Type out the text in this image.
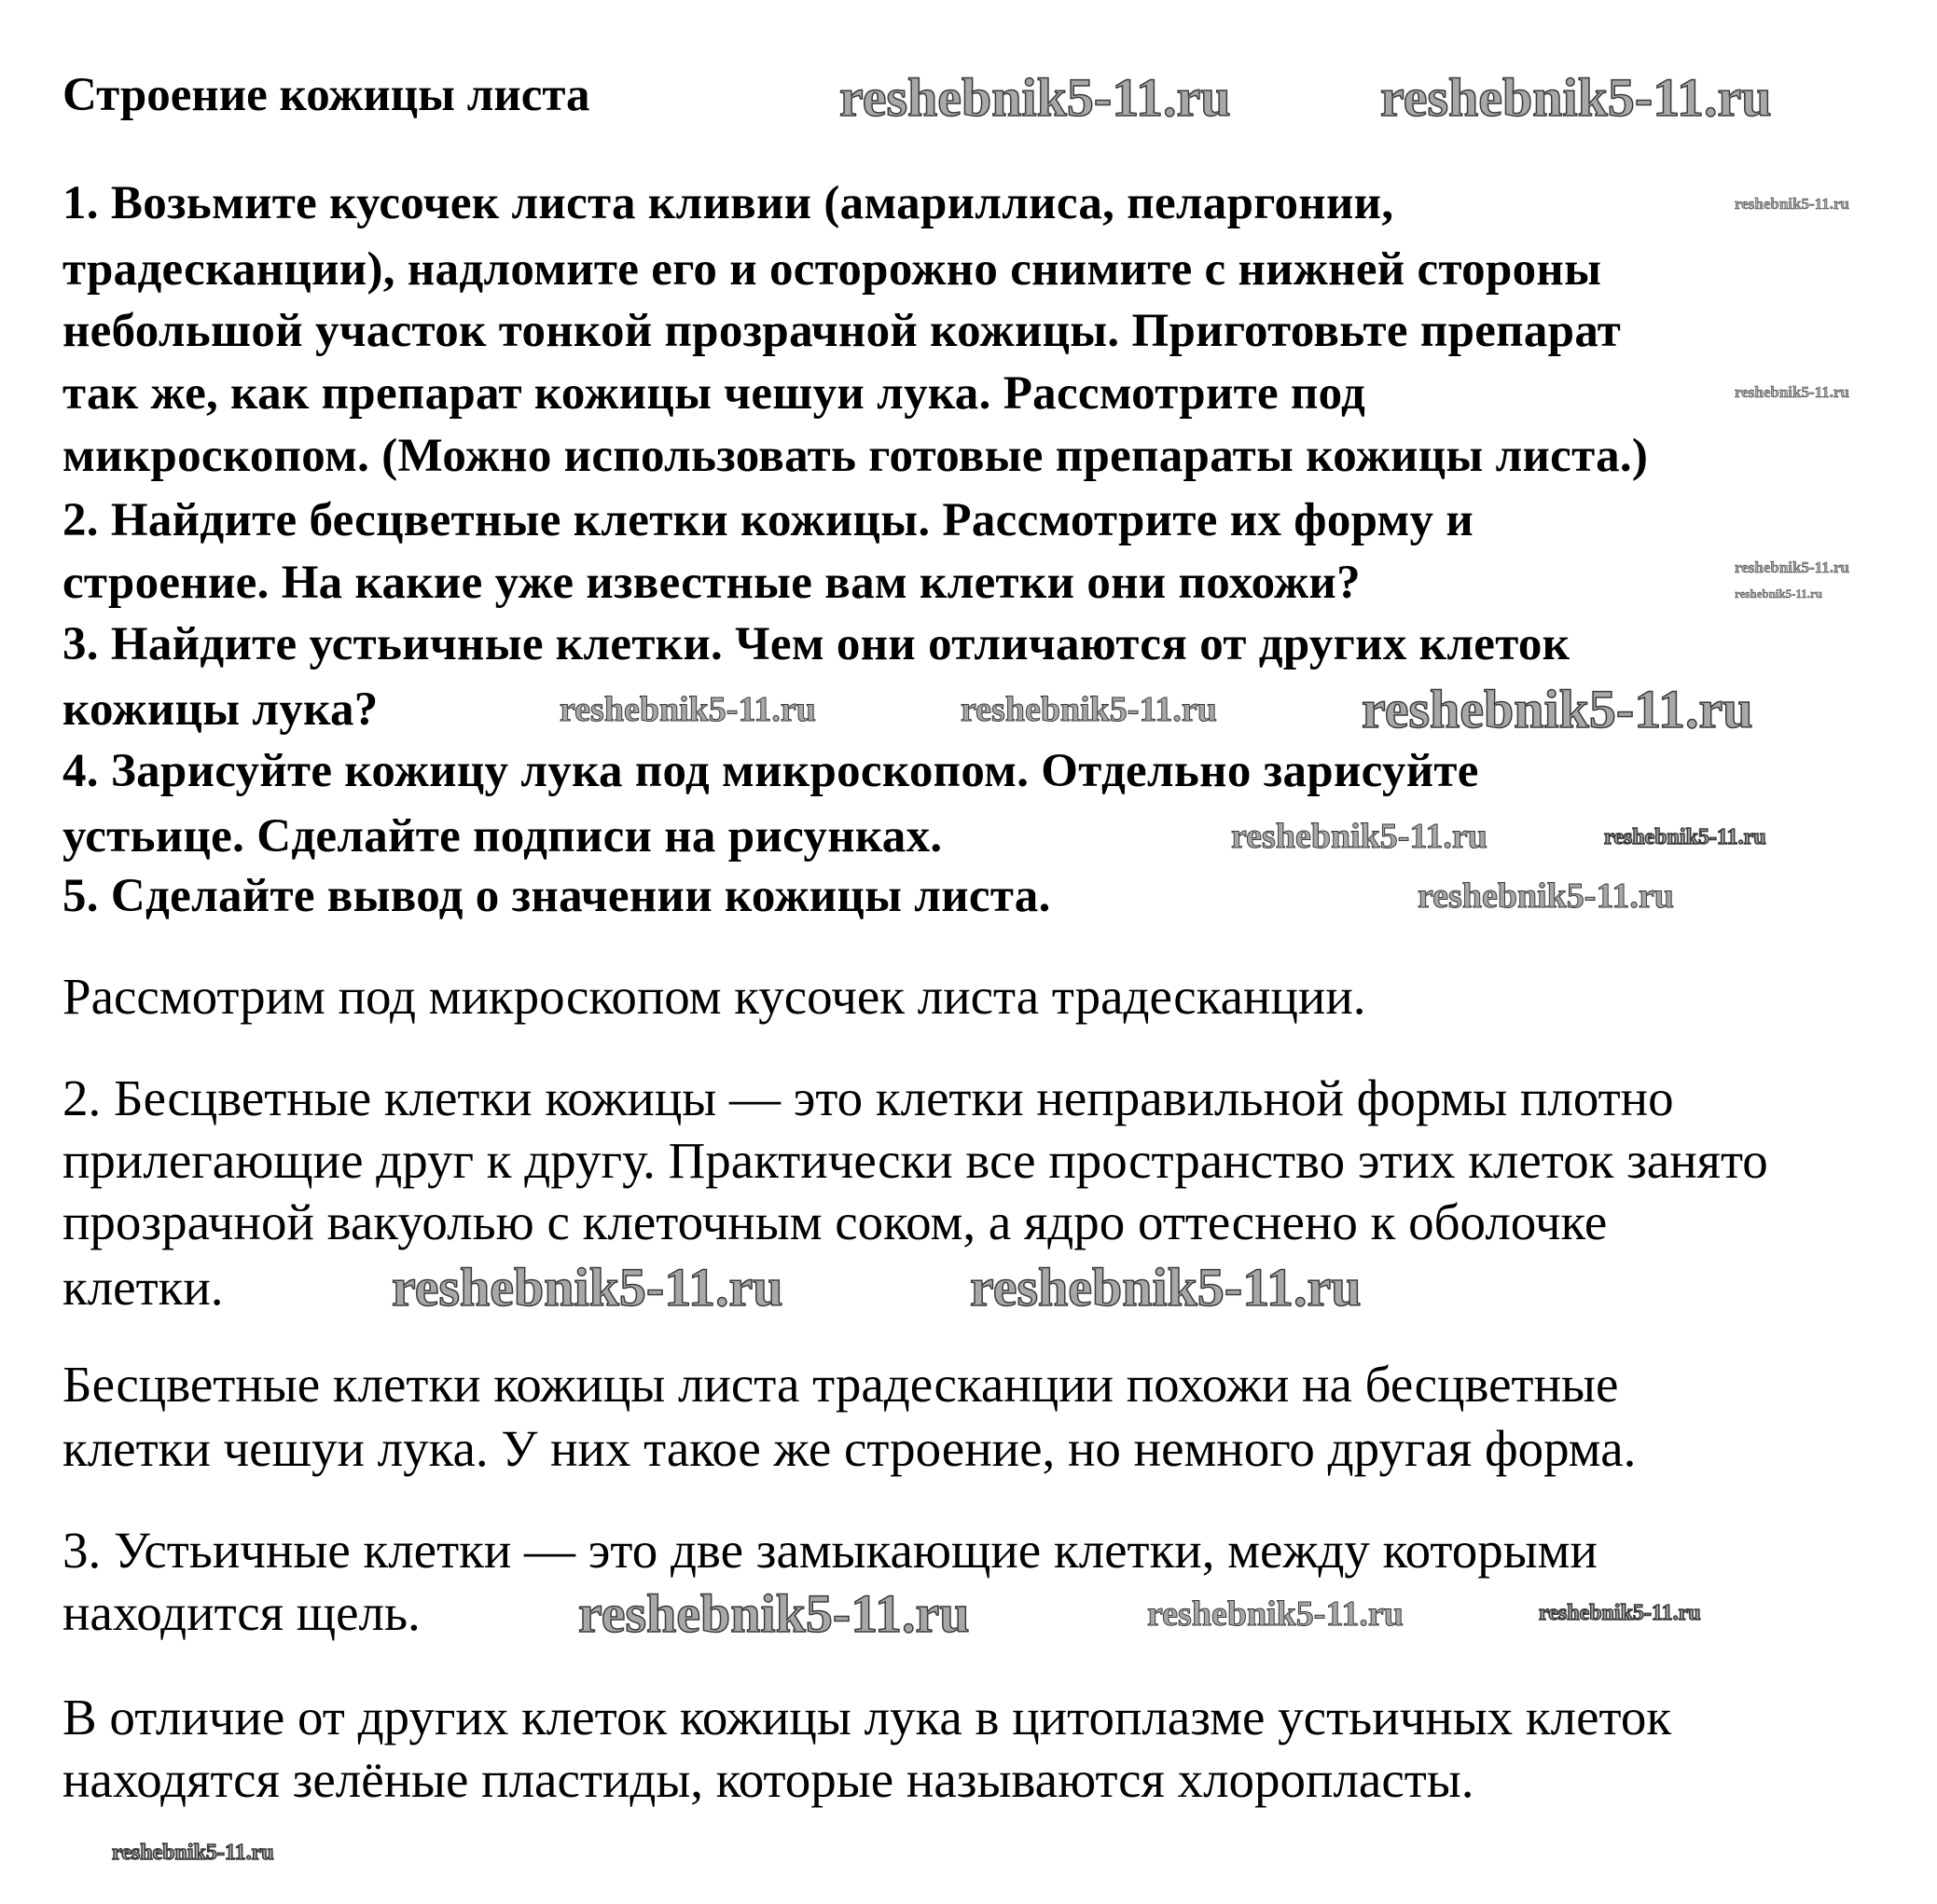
Строение кожицы листа
1. Возьмите кусочек листа кливии (амариллиса, пеларгонии,
традесканции), надломите его и осторожно снимите с нижней стороны
небольшой участок тонкой прозрачной кожицы. Приготовьте препарат
так же, как препарат кожицы чешуи лука. Рассмотрите под
микроскопом. (Можно использовать готовые препараты кожицы листа.)
2. Найдите бесцветные клетки кожицы. Рассмотрите их форму и
строение. На какие уже известные вам клетки они похожи?
3. Найдите устьичные клетки. Чем они отличаются от других клеток
кожицы лука?
4. Зарисуйте кожицу лука под микроскопом. Отдельно зарисуйте
устьице. Сделайте подписи на рисунках.
5. Сделайте вывод о значении кожицы листа.
Рассмотрим под микроскопом кусочек листа традесканции.
2. Бесцветные клетки кожицы — это клетки неправильной формы плотно
прилегающие друг к другу. Практически все пространство этих клеток занято
прозрачной вакуолью с клеточным соком, а ядро оттеснено к оболочке
клетки.
Бесцветные клетки кожицы листа традесканции похожи на бесцветные
клетки чешуи лука. У них такое же строение, но немного другая форма.
3. Устьичные клетки — это две замыкающие клетки, между которыми
находится щель.
В отличие от других клеток кожицы лука в цитоплазме устьичных клеток
находятся зелёные пластиды, которые называются хлоропласты.
reshebnik5-11.ru	reshebnik5-11.ru
reshebnik5-11.ru
reshebnik5-11.ru
reshebnik5-11.ru
reshebnik5-11.ru
reshebnik5-11.ru	reshebnik5-11.ru	reshebnik5-11.ru
reshebnik5-11.ru	reshebnik5-11.ru
reshebnik5-11.ru
reshebnik5-11.ru	reshebnik5-11.ru
reshebnik5-11.ru	reshebnik5-11.ru	reshebnik5-11.ru
reshebnik5-11.ru
